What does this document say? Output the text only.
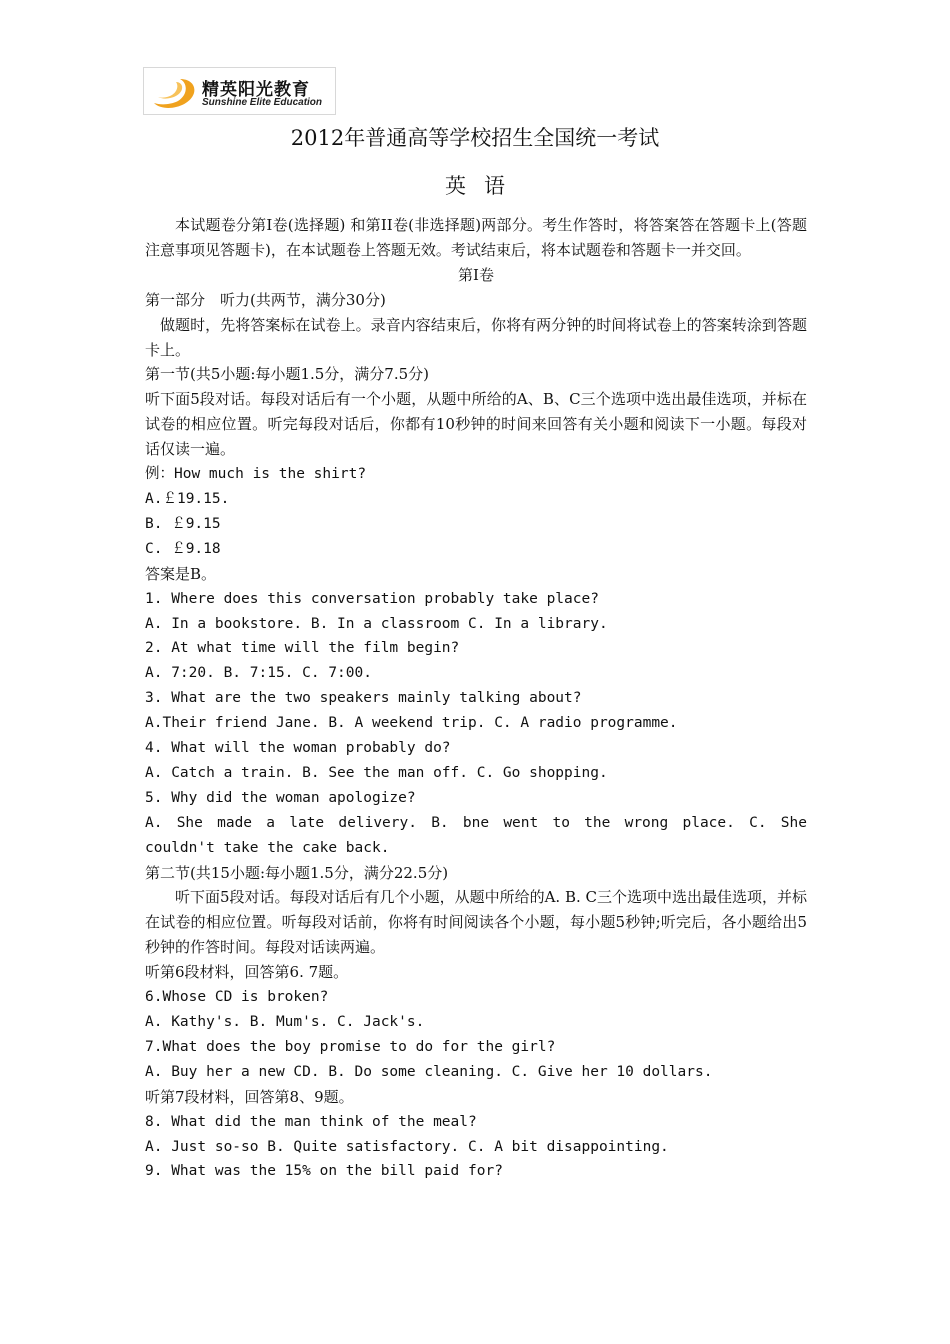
精英阳光教育
Sunshine Elite Education
2012年普通高等学校招生全国统一考试
英语

本试题卷分第Ⅰ卷(选择题) 和第II卷(非选择题)两部分。考生作答时，将答案答在答题卡上(答题注意事项见答题卡)，在本试题卷上答题无效。考试结束后，将本试题卷和答题卡一并交回。

第Ⅰ卷

第一部分　听力(共两节，满分30分)

做题时，先将答案标在试卷上。录音内容结束后，你将有两分钟的时间将试卷上的答案转涂到答题卡上。

第一节(共5小题:每小题1.5分，满分7.5分)

听下面5段对话。每段对话后有一个小题，从题中所给的A、B、C三个选项中选出最佳选项，并标在试卷的相应位置。听完每段对话后，你都有10秒钟的时间来回答有关小题和阅读下一小题。每段对话仅读一遍。

例：How much is the shirt?

A.￡19.15.

B. ￡9.15

C. ￡9.18

答案是B。

1. Where does this conversation probably take place?

A. In a bookstore. B. In a classroom C. In a library.

2. At what time will the film begin?

A. 7:20. B. 7:15. C. 7:00.

3. What are the two speakers mainly talking about?

A.Their friend Jane. B. A weekend trip. C. A radio programme.

4. What will the woman probably do?

A. Catch a train. B. See the man off. C. Go shopping.

5. Why did the woman apologize?

A. She made a late delivery. B. bne went to the wrong place. C. She couldn't take the cake back.

第二节(共15小题:每小题1.5分，满分22.5分)

听下面5段对话。每段对话后有几个小题，从题中所给的A. B. C三个选项中选出最佳选项，并标在试卷的相应位置。听每段对话前，你将有时间阅读各个小题，每小题5秒钟;听完后，各小题给出5秒钟的作答时间。每段对话读两遍。

听第6段材料，回答第6. 7题。

6.Whose CD is broken?

A. Kathy's. B. Mum's. C. Jack's.

7.What does the boy promise to do for the girl?

A. Buy her a new CD. B. Do some cleaning. C. Give her 10 dollars.

听第7段材料，回答第8、9题。

8. What did the man think of the meal?

A. Just so-so B. Quite satisfactory. C. A bit disappointing.

9. What was the 15% on the bill paid for?
